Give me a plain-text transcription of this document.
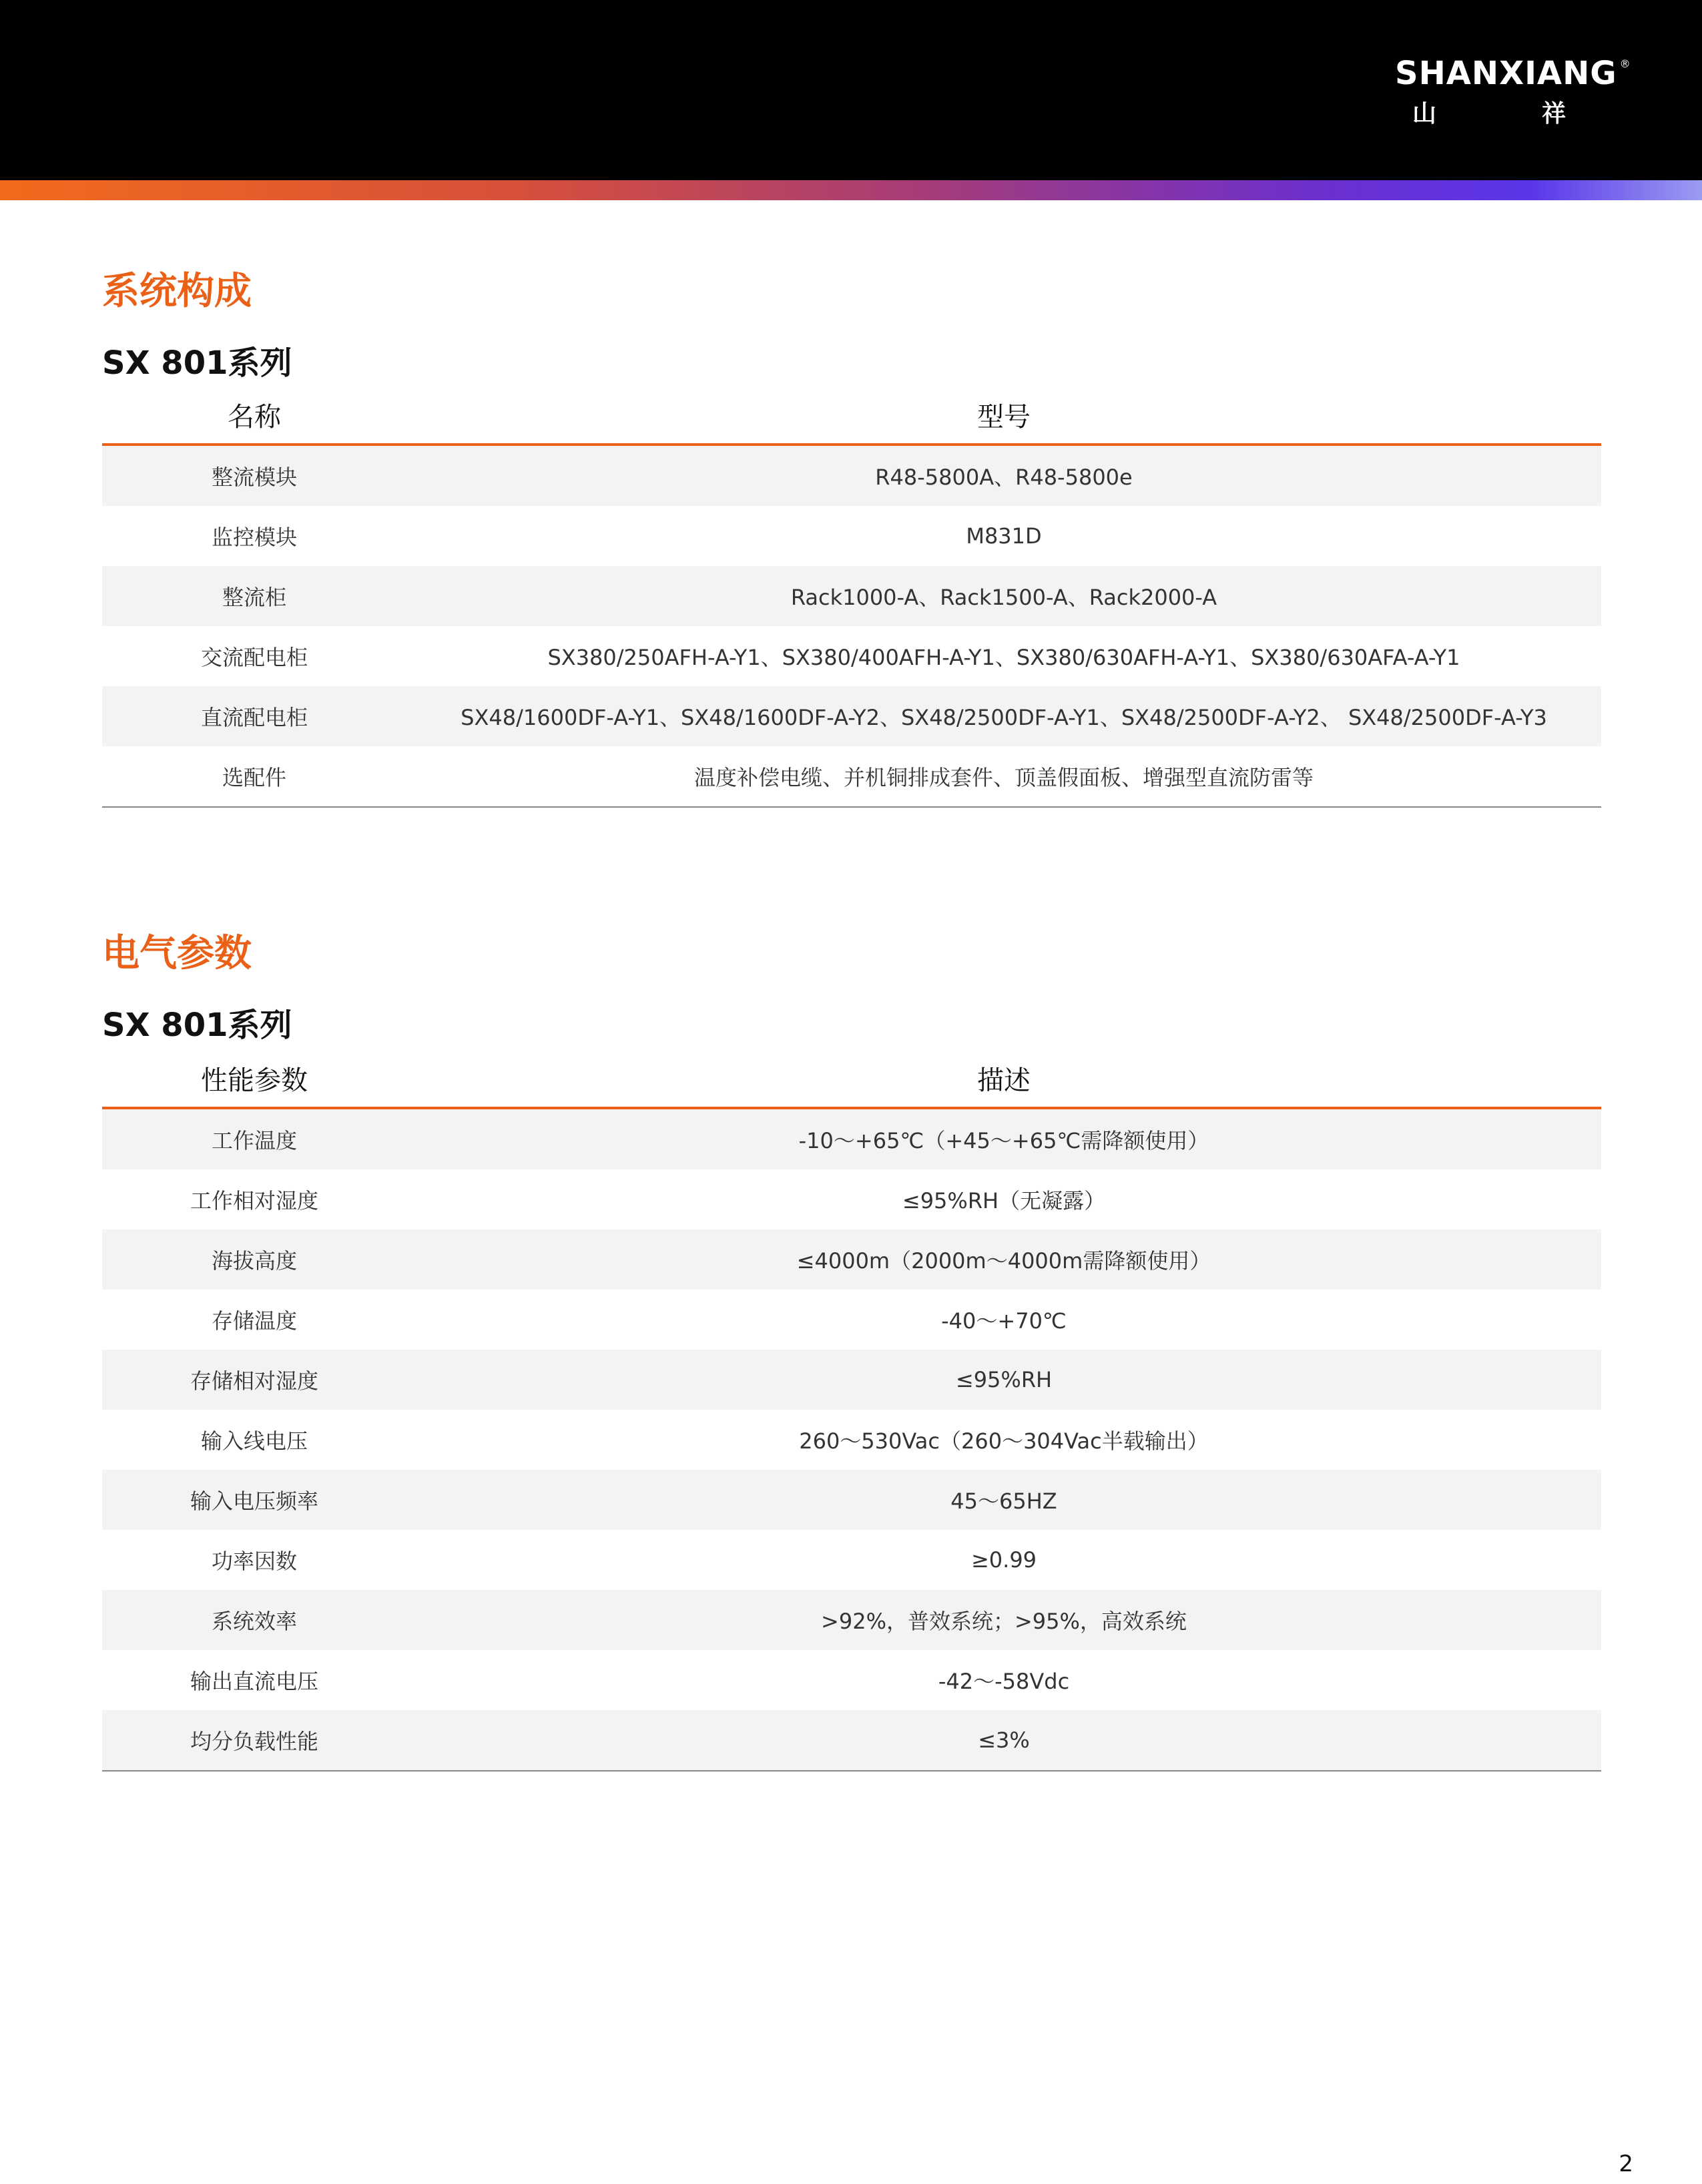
SHANXIANG ®
山	祥
系统构成
SX 801系列
名称	型号
整流模块	R48-5800A、R48-5800e
监控模块	M831D
整流柜	Rack1000-A、Rack1500-A、Rack2000-A
交流配电柜	SX380/250AFH-A-Y1、SX380/400AFH-A-Y1、SX380/630AFH-A-Y1、SX380/630AFA-A-Y1
直流配电柜	SX48/1600DF-A-Y1、SX48/1600DF-A-Y2、SX48/2500DF-A-Y1、SX48/2500DF-A-Y2、 SX48/2500DF-A-Y3
选配件	温度补偿电缆、并机铜排成套件、顶盖假面板、增强型直流防雷等
电气参数
SX 801系列
性能参数	描述
工作温度	-10～+65℃（+45～+65℃需降额使用）
工作相对湿度	≤95%RH（无凝露）
海拔高度	≤4000m（2000m～4000m需降额使用）
存储温度	-40～+70℃
存储相对湿度	≤95%RH
输入线电压	260～530Vac（260～304Vac半载输出）
输入电压频率	45～65HZ
功率因数	≥0.99
系统效率	>92%，普效系统；>95%，高效系统
输出直流电压	-42～-58Vdc
均分负载性能	≤3%
2
